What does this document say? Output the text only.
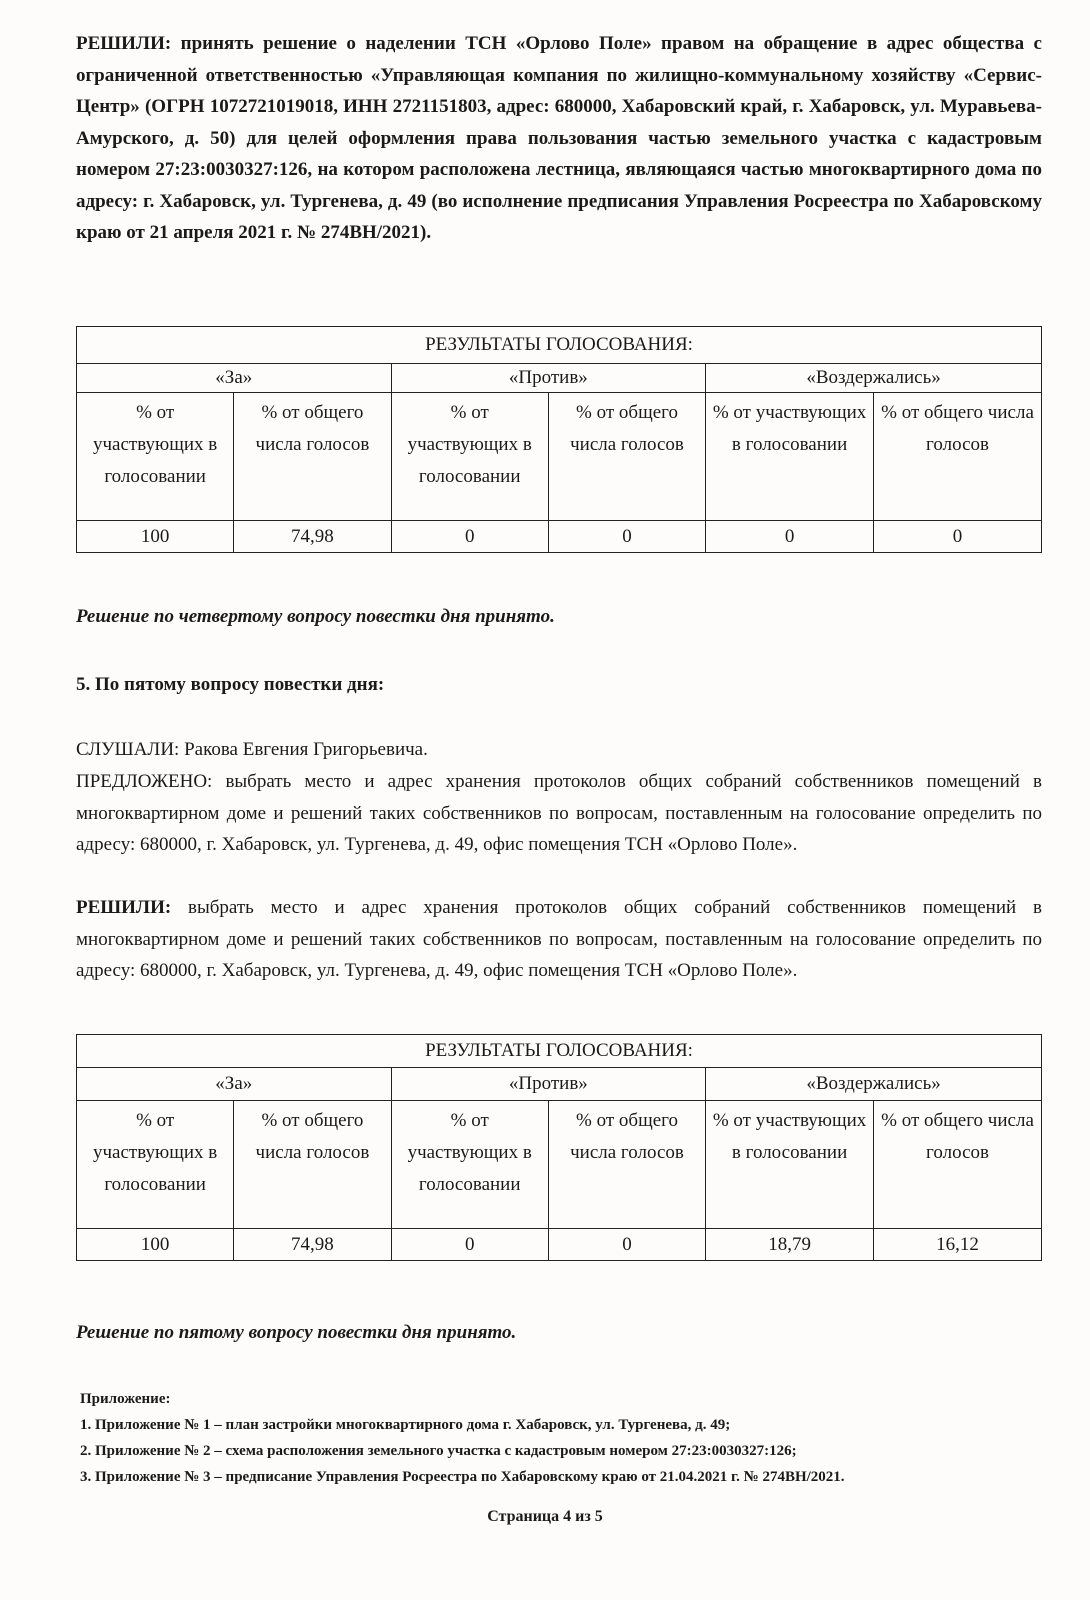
РЕШИЛИ: принять решение о наделении ТСН «Орлово Поле» правом на обращение в адрес общества с ограниченной ответственностью «Управляющая компания по жилищно-коммунальному хозяйству «Сервис-Центр» (ОГРН 1072721019018, ИНН 2721151803, адрес: 680000, Хабаровский край, г. Хабаровск, ул. Муравьева-Амурского, д. 50) для целей оформления права пользования частью земельного участка с кадастровым номером 27:23:0030327:126, на котором расположена лестница, являющаяся частью многоквартирного дома по адресу: г. Хабаровск, ул. Тургенева, д. 49 (во исполнение предписания Управления Росреестра по Хабаровскому краю от 21 апреля 2021 г. № 274ВН/2021).

РЕЗУЛЬТАТЫ ГОЛОСОВАНИЯ:					
«За»		«Против»		«Воздержались»	
% от участвующих в голосовании	% от общего числа голосов	% от участвующих в голосовании	% от общего числа голосов	% от участвующих в голосовании	% от общего числа голосов
100	74,98	0	0	0	0

Решение по четвертому вопросу повестки дня принято.

5. По пятому вопросу повестки дня:

СЛУШАЛИ: Ракова Евгения Григорьевича.

ПРЕДЛОЖЕНО: выбрать место и адрес хранения протоколов общих собраний собственников помещений в многоквартирном доме и решений таких собственников по вопросам, поставленным на голосование определить по адресу: 680000, г. Хабаровск, ул. Тургенева, д. 49, офис помещения ТСН «Орлово Поле».

РЕШИЛИ: выбрать место и адрес хранения протоколов общих собраний собственников помещений в многоквартирном доме и решений таких собственников по вопросам, поставленным на голосование определить по адресу: 680000, г. Хабаровск, ул. Тургенева, д. 49, офис помещения ТСН «Орлово Поле».

РЕЗУЛЬТАТЫ ГОЛОСОВАНИЯ:					
«За»		«Против»		«Воздержались»	
% от участвующих в голосовании	% от общего числа голосов	% от участвующих в голосовании	% от общего числа голосов	% от участвующих в голосовании	% от общего числа голосов
100	74,98	0	0	18,79	16,12

Решение по пятому вопросу повестки дня принято.

Приложение:
1. Приложение № 1 – план застройки многоквартирного дома г. Хабаровск, ул. Тургенева, д. 49;
2. Приложение № 2 – схема расположения земельного участка с кадастровым номером 27:23:0030327:126;
3. Приложение № 3 – предписание Управления Росреестра по Хабаровскому краю от 21.04.2021 г. № 274ВН/2021.

Страница 4 из 5
